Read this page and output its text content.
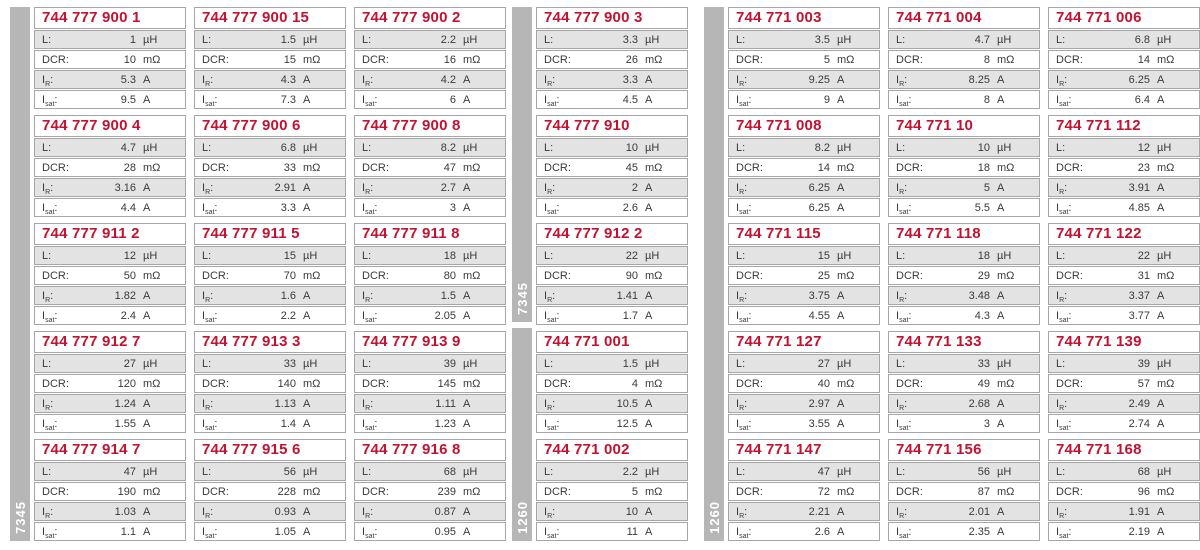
7345
744 777 900 1
L:	1 µH
DCR:	10 mΩ
$I_R$:	5.3 A
$I_{sat}$:	9.5 A
744 777 900 4
L:	4.7 µH
DCR:	28 mΩ
$I_R$:	3.16 A
$I_{sat}$:	4.4 A
744 777 911 2
L:	12 µH
DCR:	50 mΩ
$I_R$:	1.82 A
$I_{sat}$:	2.4 A
744 777 912 7
L:	27 µH
DCR:	120 mΩ
$I_R$:	1.24 A
$I_{sat}$:	1.55 A
744 777 914 7
L:	47 µH
DCR:	190 mΩ
$I_R$:	1.03 A
$I_{sat}$:	1.1 A
744 777 900 15
L:	1.5 µH
DCR:	15 mΩ
$I_R$:	4.3 A
$I_{sat}$:	7.3 A
744 777 900 6
L:	6.8 µH
DCR:	33 mΩ
$I_R$:	2.91 A
$I_{sat}$:	3.3 A
744 777 911 5
L:	15 µH
DCR:	70 mΩ
$I_R$:	1.6 A
$I_{sat}$:	2.2 A
744 777 913 3
L:	33 µH
DCR:	140 mΩ
$I_R$:	1.13 A
$I_{sat}$:	1.4 A
744 777 915 6
L:	56 µH
DCR:	228 mΩ
$I_R$:	0.93 A
$I_{sat}$:	1.05 A
744 777 900 2
L:	2.2 µH
DCR:	16 mΩ
$I_R$:	4.2 A
$I_{sat}$:	6 A
744 777 900 8
L:	8.2 µH
DCR:	47 mΩ
$I_R$:	2.7 A
$I_{sat}$:	3 A
744 777 911 8
L:	18 µH
DCR:	80 mΩ
$I_R$:	1.5 A
$I_{sat}$:	2.05 A
744 777 913 9
L:	39 µH
DCR:	145 mΩ
$I_R$:	1.11 A
$I_{sat}$:	1.23 A
744 777 916 8
L:	68 µH
DCR:	239 mΩ
$I_R$:	0.87 A
$I_{sat}$:	0.95 A
7345
1260
744 777 900 3
L:	3.3 µH
DCR:	26 mΩ
$I_R$:	3.3 A
$I_{sat}$:	4.5 A
744 777 910
L:	10 µH
DCR:	45 mΩ
$I_R$:	2 A
$I_{sat}$:	2.6 A
744 777 912 2
L:	22 µH
DCR:	90 mΩ
$I_R$:	1.41 A
$I_{sat}$:	1.7 A
744 771 001
L:	1.5 µH
DCR:	4 mΩ
$I_R$:	10.5 A
$I_{sat}$:	12.5 A
744 771 002
L:	2.2 µH
DCR:	5 mΩ
$I_R$:	10 A
$I_{sat}$:	11 A	1260
744 771 003
L:	3.5 µH
DCR:	5 mΩ
$I_R$:	9.25 A
$I_{sat}$:	9 A
744 771 008
L:	8.2 µH
DCR:	14 mΩ
$I_R$:	6.25 A
$I_{sat}$:	6.25 A
744 771 115
L:	15 µH
DCR:	25 mΩ
$I_R$:	3.75 A
$I_{sat}$:	4.55 A
744 771 127
L:	27 µH
DCR:	40 mΩ
$I_R$:	2.97 A
$I_{sat}$:	3.55 A
744 771 147
L:	47 µH
DCR:	72 mΩ
$I_R$:	2.21 A
$I_{sat}$:	2.6 A
744 771 004
L:	4.7 µH
DCR:	8 mΩ
$I_R$:	8.25 A
$I_{sat}$:	8 A
744 771 10
L:	10 µH
DCR:	18 mΩ
$I_R$:	5 A
$I_{sat}$:	5.5 A
744 771 118
L:	18 µH
DCR:	29 mΩ
$I_R$:	3.48 A
$I_{sat}$:	4.3 A
744 771 133
L:	33 µH
DCR:	49 mΩ
$I_R$:	2.68 A
$I_{sat}$:	3 A
744 771 156
L:	56 µH
DCR:	87 mΩ
$I_R$:	2.01 A
$I_{sat}$:	2.35 A
744 771 006
L:	6.8 µH
DCR:	14 mΩ
$I_R$:	6.25 A
$I_{sat}$:	6.4 A
744 771 112
L:	12 µH
DCR:	23 mΩ
$I_R$:	3.91 A
$I_{sat}$:	4.85 A
744 771 122
L:	22 µH
DCR:	31 mΩ
$I_R$:	3.37 A
$I_{sat}$:	3.77 A
744 771 139
L:	39 µH
DCR:	57 mΩ
$I_R$:	2.49 A
$I_{sat}$:	2.74 A
744 771 168
L:	68 µH
DCR:	96 mΩ
$I_R$:	1.91 A
$I_{sat}$:	2.19 A
